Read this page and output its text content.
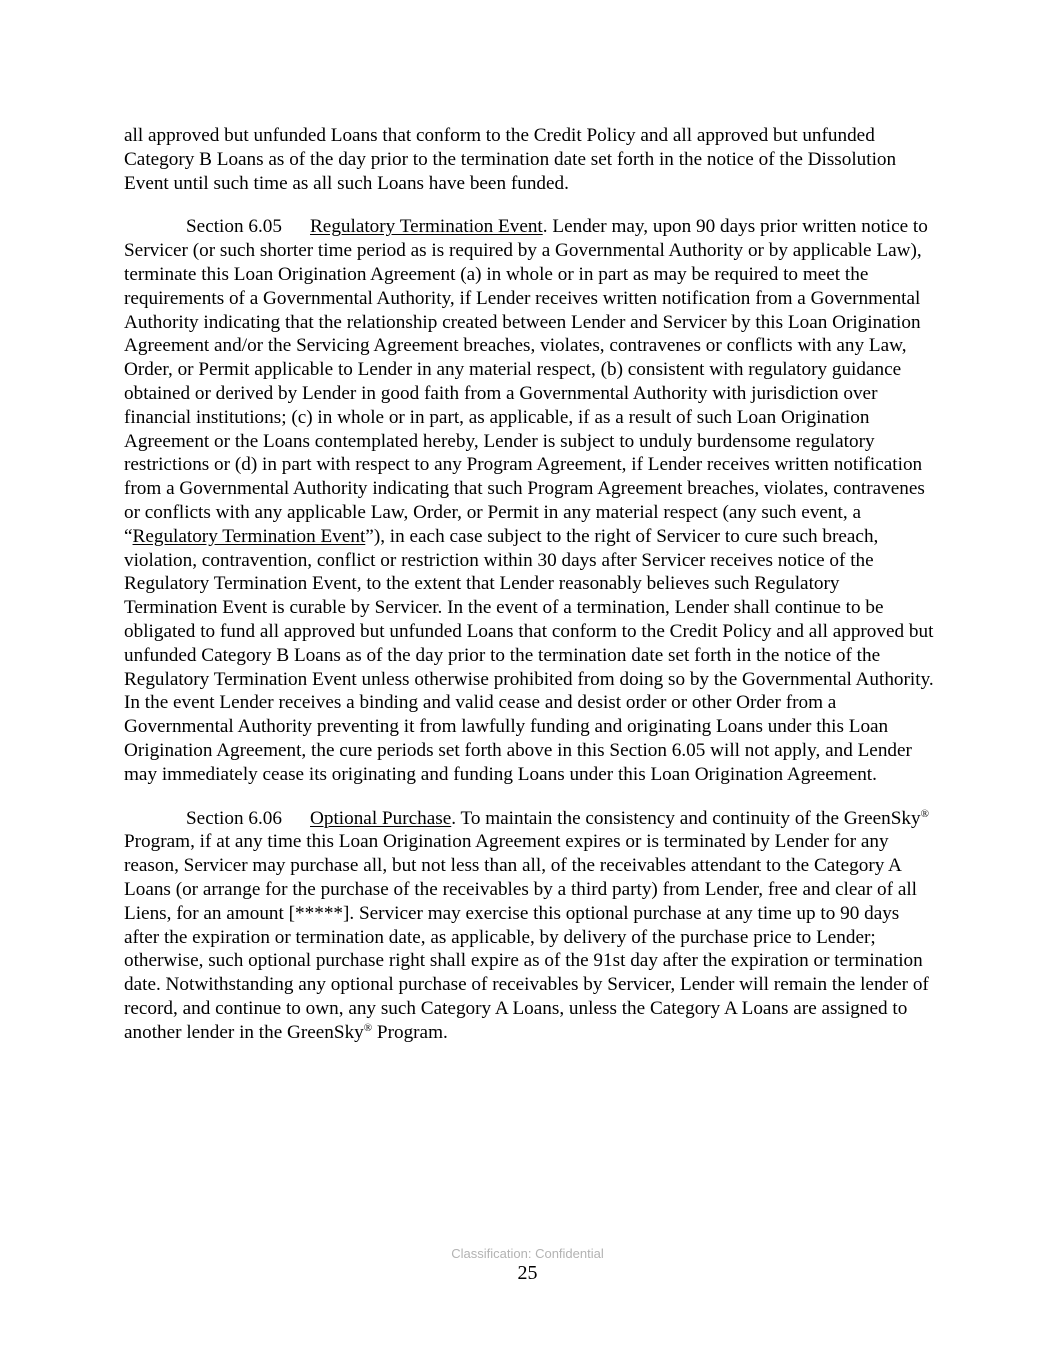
all approved but unfunded Loans that conform to the Credit Policy and all approved but unfunded Category B Loans as of the day prior to the termination date set forth in the notice of the Dissolution Event until such time as all such Loans have been funded.

Section 6.05 Regulatory Termination Event. Lender may, upon 90 days prior written notice to Servicer (or such shorter time period as is required by a Governmental Authority or by applicable Law), terminate this Loan Origination Agreement (a) in whole or in part as may be required to meet the requirements of a Governmental Authority, if Lender receives written notification from a Governmental Authority indicating that the relationship created between Lender and Servicer by this Loan Origination Agreement and/or the Servicing Agreement breaches, violates, contravenes or conflicts with any Law, Order, or Permit applicable to Lender in any material respect, (b) consistent with regulatory guidance obtained or derived by Lender in good faith from a Governmental Authority with jurisdiction over financial institutions; (c) in whole or in part, as applicable, if as a result of such Loan Origination Agreement or the Loans contemplated hereby, Lender is subject to unduly burdensome regulatory restrictions or (d) in part with respect to any Program Agreement, if Lender receives written notification from a Governmental Authority indicating that such Program Agreement breaches, violates, contravenes or conflicts with any applicable Law, Order, or Permit in any material respect (any such event, a “Regulatory Termination Event”), in each case subject to the right of Servicer to cure such breach, violation, contravention, conflict or restriction within 30 days after Servicer receives notice of the Regulatory Termination Event, to the extent that Lender reasonably believes such Regulatory Termination Event is curable by Servicer. In the event of a termination, Lender shall continue to be obligated to fund all approved but unfunded Loans that conform to the Credit Policy and all approved but unfunded Category B Loans as of the day prior to the termination date set forth in the notice of the Regulatory Termination Event unless otherwise prohibited from doing so by the Governmental Authority. In the event Lender receives a binding and valid cease and desist order or other Order from a Governmental Authority preventing it from lawfully funding and originating Loans under this Loan Origination Agreement, the cure periods set forth above in this Section 6.05 will not apply, and Lender may immediately cease its originating and funding Loans under this Loan Origination Agreement.

Section 6.06 Optional Purchase. To maintain the consistency and continuity of the GreenSky® Program, if at any time this Loan Origination Agreement expires or is terminated by Lender for any reason, Servicer may purchase all, but not less than all, of the receivables attendant to the Category A Loans (or arrange for the purchase of the receivables by a third party) from Lender, free and clear of all Liens, for an amount [*****]. Servicer may exercise this optional purchase at any time up to 90 days after the expiration or termination date, as applicable, by delivery of the purchase price to Lender; otherwise, such optional purchase right shall expire as of the 91st day after the expiration or termination date. Notwithstanding any optional purchase of receivables by Servicer, Lender will remain the lender of record, and continue to own, any such Category A Loans, unless the Category A Loans are assigned to another lender in the GreenSky® Program.

Classification: Confidential
25
